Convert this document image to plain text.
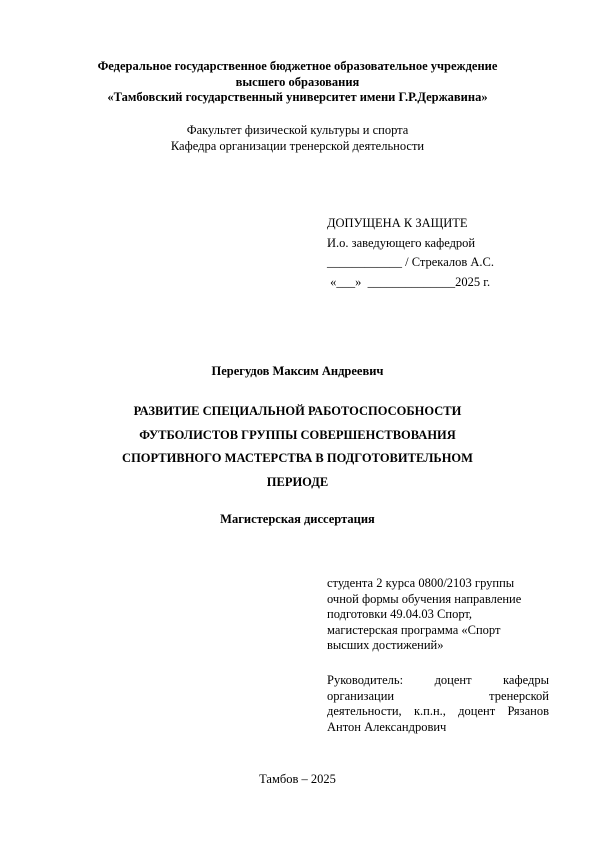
Федеральное государственное бюджетное образовательное учреждение
высшего образования
«Тамбовский государственный университет имени Г.Р.Державина»
Факультет физической культуры и спорта
Кафедра организации тренерской деятельности
ДОПУЩЕНА К ЗАЩИТЕ
И.о. заведующего кафедрой
____________ / Стрекалов А.С.
«___»  ______________2025 г.
Перегудов Максим Андреевич
РАЗВИТИЕ СПЕЦИАЛЬНОЙ РАБОТОСПОСОБНОСТИ
ФУТБОЛИСТОВ ГРУППЫ СОВЕРШЕНСТВОВАНИЯ
СПОРТИВНОГО МАСТЕРСТВА В ПОДГОТОВИТЕЛЬНОМ
ПЕРИОДЕ
Магистерская диссертация
студента 2 курса 0800/2103 группы
очной формы обучения направление
подготовки 49.04.03 Спорт,
магистерская программа «Спорт
высших достижений»
Руководитель:	доцент	кафедры
организации	тренерской
деятельности, к.п.н., доцент Рязанов
Антон Александрович
Тамбов – 2025
